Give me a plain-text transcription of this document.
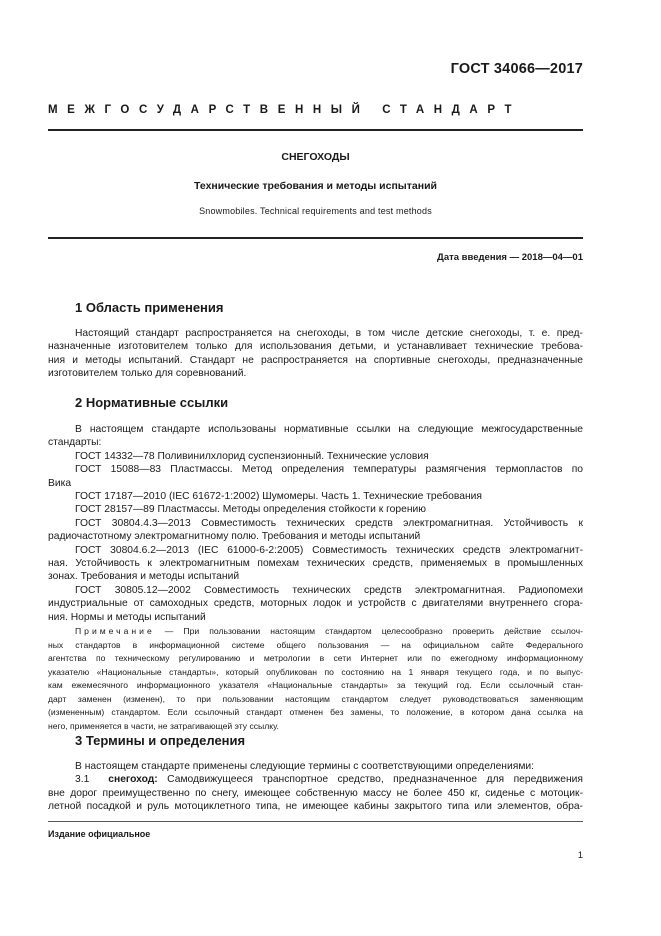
ГОСТ 34066—2017
МЕЖГОСУДАРСТВЕННЫЙ СТАНДАРТ
СНЕГОХОДЫ
Технические требования и методы испытаний
Snowmobiles. Technical requirements and test methods
Дата введения — 2018—04—01
1 Область применения
Настоящий стандарт распространяется на снегоходы, в том числе детские снегоходы, т. е. пред-
назначенные изготовителем только для использования детьми, и устанавливает технические требова-
ния и методы испытаний. Стандарт не распространяется на спортивные снегоходы, предназначенные
изготовителем только для соревнований.
2 Нормативные ссылки
В настоящем стандарте использованы нормативные ссылки на следующие межгосударственные
стандарты:
ГОСТ 14332—78 Поливинилхлорид суспензионный. Технические условия
ГОСТ 15088—83 Пластмассы. Метод определения температуры размягчения термопластов по
Вика
ГОСТ 17187—2010 (IEC 61672-1:2002) Шумомеры. Часть 1. Технические требования
ГОСТ 28157—89 Пластмассы. Методы определения стойкости к горению
ГОСТ 30804.4.3—2013 Совместимость технических средств электромагнитная. Устойчивость к
радиочастотному электромагнитному полю. Требования и методы испытаний
ГОСТ 30804.6.2—2013 (IEC 61000-6-2:2005) Совместимость технических средств электромагнит-
ная. Устойчивость к электромагнитным помехам технических средств, применяемых в промышленных
зонах. Требования и методы испытаний
ГОСТ 30805.12—2002 Совместимость технических средств электромагнитная. Радиопомехи
индустриальные от самоходных средств, моторных лодок и устройств с двигателями внутреннего сгора-
ния. Нормы и методы испытаний
Примечание — При пользовании настоящим стандартом целесообразно проверить действие ссылоч-
ных стандартов в информационной системе общего пользования — на официальном сайте Федерального
агентства по техническому регулированию и метрологии в сети Интернет или по ежегодному информационному
указателю «Национальные стандарты», который опубликован по состоянию на 1 января текущего года, и по выпус-
кам ежемесячного информационного указателя «Национальные стандарты» за текущий год. Если ссылочный стан-
дарт заменен (изменен), то при пользовании настоящим стандартом следует руководствоваться заменяющим
(измененным) стандартом. Если ссылочный стандарт отменен без замены, то положение, в котором дана ссылка на
него, применяется в части, не затрагивающей эту ссылку.
3 Термины и определения
В настоящем стандарте применены следующие термины с соответствующими определениями:
3.1 снегоход: Самодвижущееся транспортное средство, предназначенное для передвижения
вне дорог преимущественно по снегу, имеющее собственную массу не более 450 кг, сиденье с мотоцик-
летной посадкой и руль мотоциклетного типа, не имеющее кабины закрытого типа или элементов, обра-
Издание официальное
1
